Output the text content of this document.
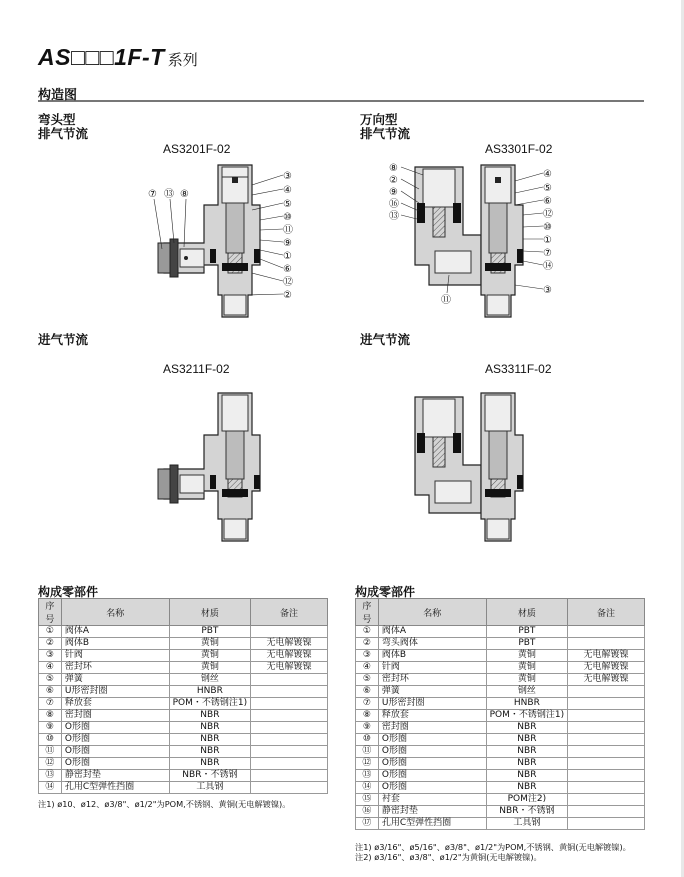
AS□□□1F-T 系列
构造图
弯头型
排气节流
AS3201F-02
万向型
排气节流
AS3301F-02
③
④
⑤
⑩
⑪
⑨
①
⑥
⑫
②
⑦ ⑬ ⑧
④
⑤
⑥
⑫
⑩
①
⑦
⑭
③
⑧
②
⑨
⑯
⑬
⑪
进气节流
AS3211F-02
进气节流
AS3311F-02
构成零部件
序号	名称	材质	备注
①	阀体A	PBT	
②	阀体B	黄铜	无电解镀镍
③	针阀	黄铜	无电解镀镍
④	密封环	黄铜	无电解镀镍
⑤	弹簧	钢丝	
⑥	U形密封圈	HNBR	
⑦	释放套	POM・不锈钢注1)	
⑧	密封圈	NBR	
⑨	O形圈	NBR	
⑩	O形圈	NBR	
⑪	O形圈	NBR	
⑫	O形圈	NBR	
⑬	静密封垫	NBR・不锈钢	
⑭	孔用C型弹性挡圈	工具钢	
注1) ø10、ø12、ø3/8"、ø1/2"为POM,不锈钢、黄铜(无电解镀镍)。
构成零部件
序号	名称	材质	备注
①	阀体A	PBT	
②	弯头阀体	PBT	
③	阀体B	黄铜	无电解镀镍
④	针阀	黄铜	无电解镀镍
⑤	密封环	黄铜	无电解镀镍
⑥	弹簧	钢丝	
⑦	U形密封圈	HNBR	
⑧	释放套	POM・不锈钢注1)	
⑨	密封圈	NBR	
⑩	O形圈	NBR	
⑪	O形圈	NBR	
⑫	O形圈	NBR	
⑬	O形圈	NBR	
⑭	O形圈	NBR	
⑮	衬套	POM注2)	
⑯	静密封垫	NBR・不锈钢	
⑰	孔用C型弹性挡圈	工具钢	
注1) ø3/16"、ø5/16"、ø3/8"、ø1/2"为POM,不锈钢、黄铜(无电解镀镍)。
注2) ø3/16"、ø3/8"、ø1/2"为黄铜(无电解镀镍)。
